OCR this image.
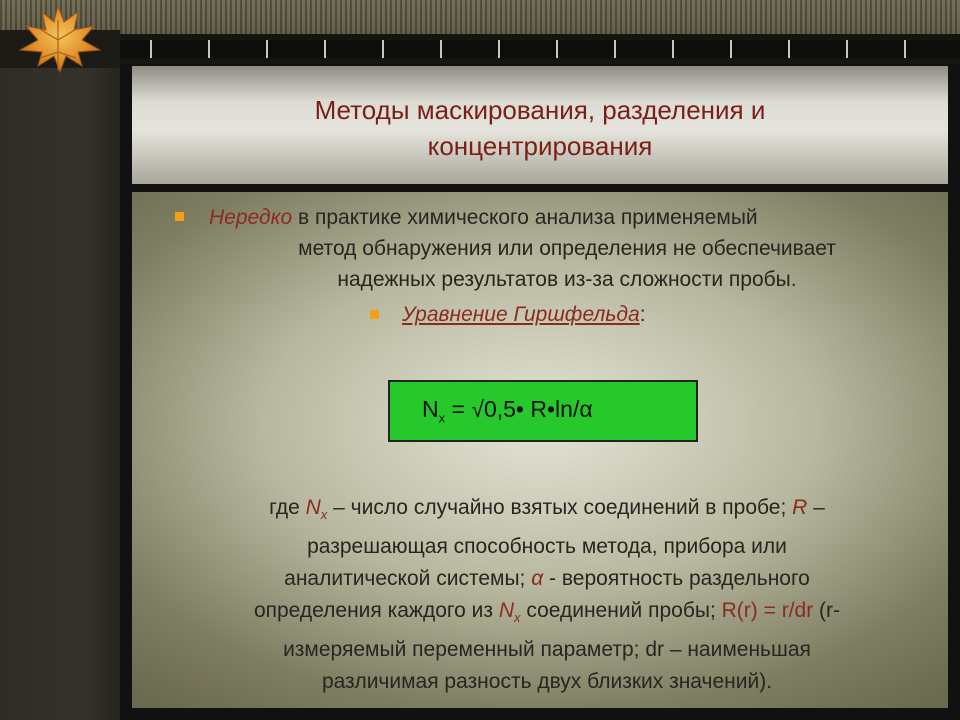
Методы маскирования, разделения и
концентрирования
Нередко в практике химического анализа применяемый
метод обнаружения или определения не обеспечивает
надежных результатов из-за сложности пробы.
Уравнение Гиршфельда:
$N_x$ = √0,5• R•ln/α
где $N_x$ – число случайно взятых соединений в пробе; R –
разрешающая способность метода, прибора или
аналитической системы; α - вероятность раздельного
определения каждого из $N_x$ соединений пробы; R(r) = r/dr (r-
измеряемый переменный параметр; dr – наименьшая
различимая разность двух близких значений).
